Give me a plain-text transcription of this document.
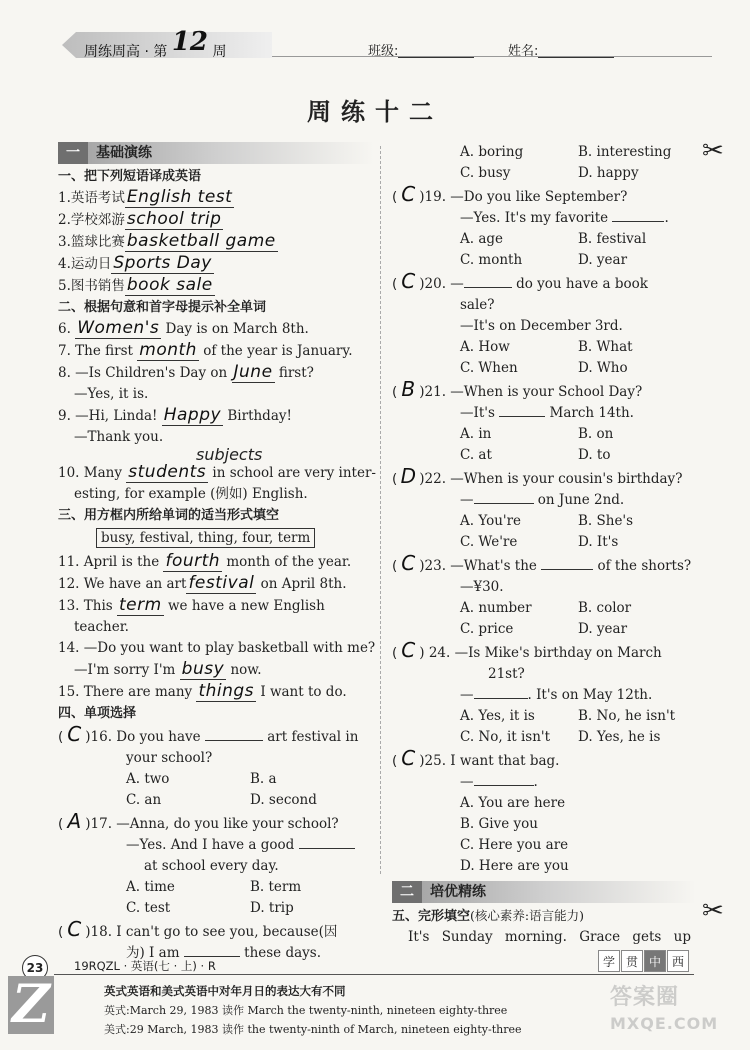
周练周高 · 第 12 周	班级:	姓名:
周练十二
✂
✂
一 基础演练
一、把下列短语译成英语
1.英语考试 English test
2.学校郊游 school trip
3.篮球比赛 basketball game
4.运动日 Sports Day
5.图书销售 book sale
二、根据句意和首字母提示补全单词
6. Women's Day is on March 8th.
7. The first month of the year is January.
8. —Is Children's Day on June first?
—Yes, it is.
9. —Hi, Linda! Happy Birthday!
—Thank you.
subjects
10. Many students in school are very inter-
esting, for example (例如) English.
三、用方框内所给单词的适当形式填空
busy, festival, thing, four, term
11. April is the fourth month of the year.
12. We have an art festival on April 8th.
13. This term we have a new English
teacher.
14. —Do you want to play basketball with me?
—I'm sorry I'm busy now.
15. There are many things I want to do.
四、单项选择
( C )16. Do you have	art festival in
your school?
A. two	B. a
C. an	D. second
( A )17. —Anna, do you like your school?
—Yes. And I have a good
at school every day.
A. time	B. term
C. test	D. trip
( C )18. I can't go to see you, because(因
为) I am	these days.
A. boring	B. interesting
C. busy	D. happy
( C )19. —Do you like September?
—Yes. It's my favorite	.
A. age	B. festival
C. month	D. year
( C )20. —	do you have a book
sale?
—It's on December 3rd.
A. How	B. What
C. When	D. Who
( B )21. —When is your School Day?
—It's	March 14th.
A. in	B. on
C. at	D. to
( D )22. —When is your cousin's birthday?
—	on June 2nd.
A. You're	B. She's
C. We're	D. It's
( C )23. —What's the	of the shorts?
—¥30.
A. number	B. color
C. price	D. year
( C ) 24. —Is Mike's birthday on March
21st?
—	. It's on May 12th.
A. Yes, it is	B. No, he isn't
C. No, it isn't	D. Yes, he is
( C )25. I want that bag.
—	.
A. You are here
B. Give you
C. Here you are
D. Here are you
二 培优精练
五、完形填空(核心素养:语言能力)
It's Sunday morning. Grace gets up
23	19RQZL · 英语(七 · 上) · R	学 贯 中 西
Z	英式英语和美式英语中对年月日的表达大有不同
英式:March 29, 1983 读作 March the twenty-ninth, nineteen eighty-three
美式:29 March, 1983 读作 the twenty-ninth of March, nineteen eighty-three
答案圈
MXQE.COM
